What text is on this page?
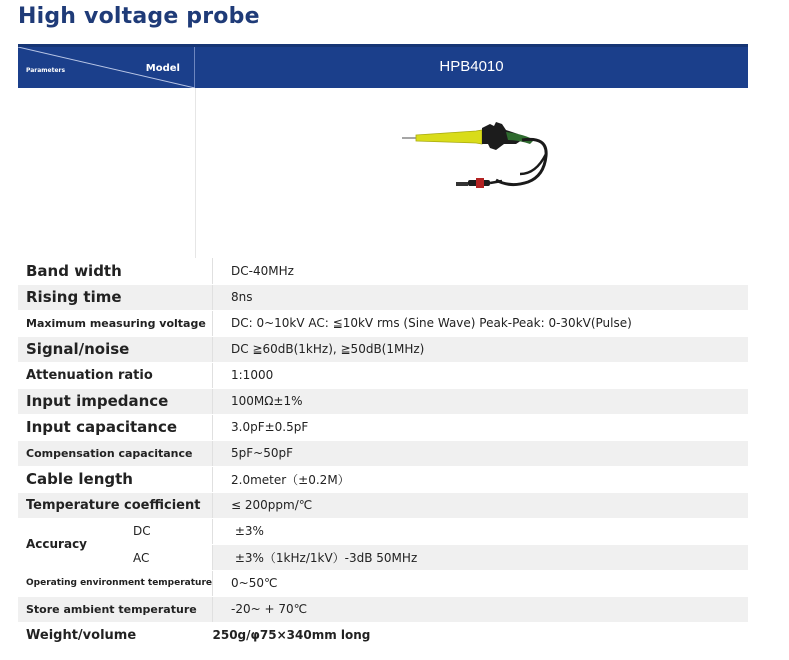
High voltage probe
Parameters	Model	HPB4010
Band width	DC-40MHz
Rising time	8ns
Maximum measuring voltage	DC: 0~10kV AC: ≦10kV rms (Sine Wave) Peak-Peak: 0-30kV(Pulse)
Signal/noise	DC ≧60dB(1kHz), ≧50dB(1MHz)
Attenuation ratio	1:1000
Input impedance	100MΩ±1%
Input capacitance	3.0pF±0.5pF
Compensation capacitance	5pF~50pF
Cable length	2.0meter（±0.2M）
Temperature coefficient	≤ 200ppm/℃
Accuracy	DC ±3%
	AC ±3%（1kHz/1kV）-3dB 50MHz
Operating environment temperature	0~50℃
Store ambient temperature	-20~ + 70℃
Weight/volume	250g/φ75×340mm long
